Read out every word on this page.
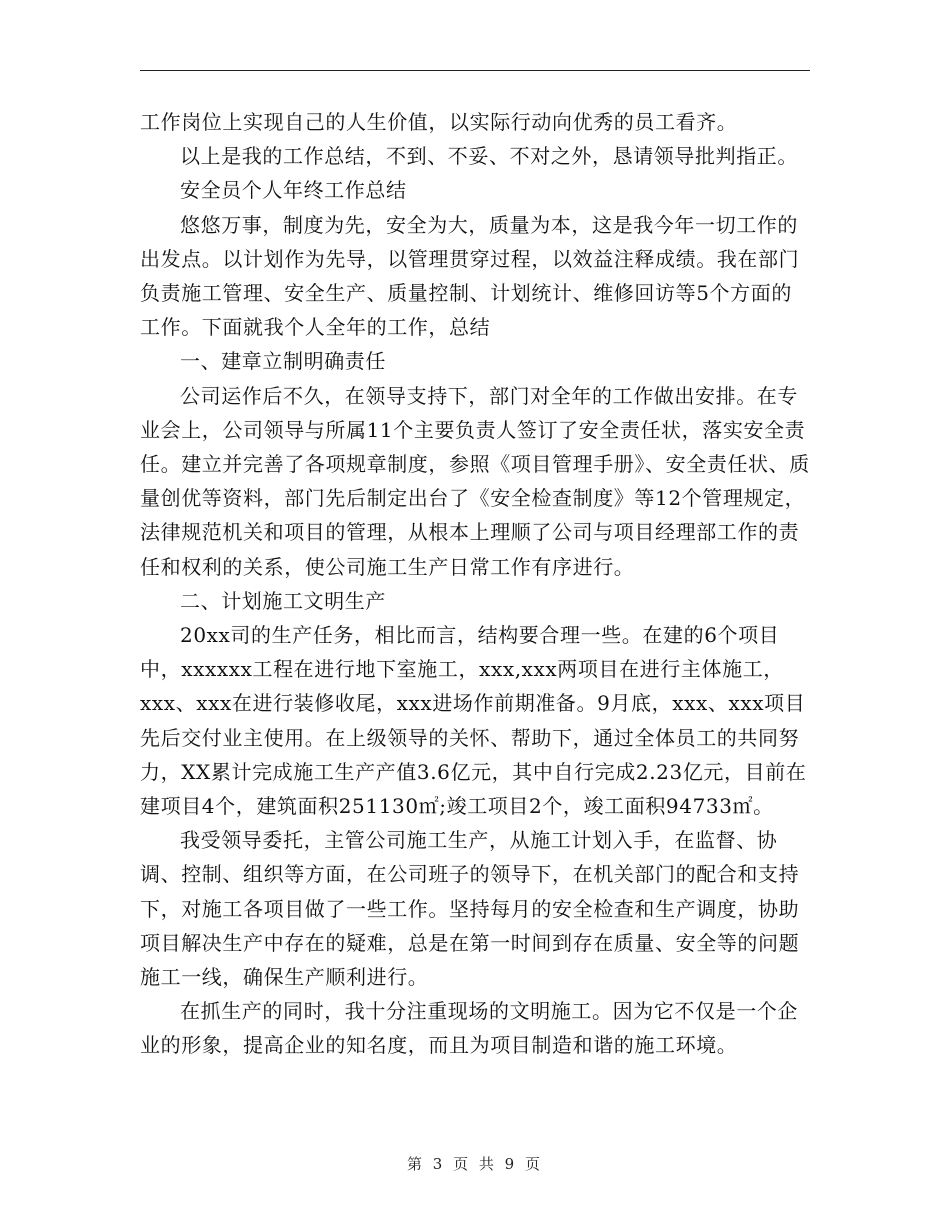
工作岗位上实现自己的人生价值，以实际行动向优秀的员工看齐。

以上是我的工作总结，不到、不妥、不对之外，恳请领导批判指正。

安全员个人年终工作总结

悠悠万事，制度为先，安全为大，质量为本，这是我今年一切工作的出发点。以计划作为先导，以管理贯穿过程，以效益注释成绩。我在部门负责施工管理、安全生产、质量控制、计划统计、维修回访等5个方面的工作。下面就我个人全年的工作，总结

一、建章立制明确责任

公司运作后不久，在领导支持下，部门对全年的工作做出安排。在专业会上，公司领导与所属11个主要负责人签订了安全责任状，落实安全责任。建立并完善了各项规章制度，参照《项目管理手册》、安全责任状、质量创优等资料，部门先后制定出台了《安全检查制度》等12个管理规定，法律规范机关和项目的管理，从根本上理顺了公司与项目经理部工作的责任和权利的关系，使公司施工生产日常工作有序进行。

二、计划施工文明生产

20xx司的生产任务，相比而言，结构要合理一些。在建的6个项目中，xxxxxx工程在进行地下室施工，xxx,xxx两项目在进行主体施工，xxx、xxx在进行装修收尾，xxx进场作前期准备。9月底，xxx、xxx项目先后交付业主使用。在上级领导的关怀、帮助下，通过全体员工的共同努力，XX累计完成施工生产产值3.6亿元，其中自行完成2.23亿元，目前在建项目4个，建筑面积251130㎡;竣工项目2个，竣工面积94733㎡。

我受领导委托，主管公司施工生产，从施工计划入手，在监督、协调、控制、组织等方面，在公司班子的领导下，在机关部门的配合和支持下，对施工各项目做了一些工作。坚持每月的安全检查和生产调度，协助项目解决生产中存在的疑难，总是在第一时间到存在质量、安全等的问题施工一线，确保生产顺利进行。

在抓生产的同时，我十分注重现场的文明施工。因为它不仅是一个企业的形象，提高企业的知名度，而且为项目制造和谐的施工环境。

第 3 页 共 9 页
